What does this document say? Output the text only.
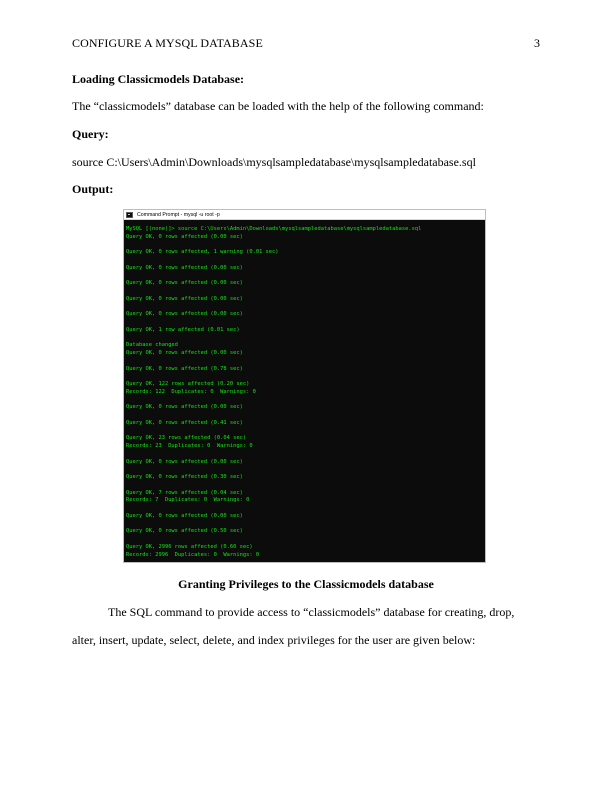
CONFIGURE A MYSQL DATABASE	3
Loading Classicmodels Database:
The “classicmodels” database can be loaded with the help of the following command:
Query:
source C:\Users\Admin\Downloads\mysqlsampledatabase\mysqlsampledatabase.sql
Output:
Command Prompt - mysql -u root -p
MySQL [(none)]> source C:\Users\Admin\Downloads\mysqlsampledatabase\mysqlsampledatabase.sql
Query OK, 0 rows affected (0.00 sec)
Query OK, 0 rows affected, 1 warning (0.01 sec)
Query OK, 0 rows affected (0.00 sec)
Query OK, 0 rows affected (0.00 sec)
Query OK, 0 rows affected (0.00 sec)
Query OK, 0 rows affected (0.00 sec)
Query OK, 1 row affected (0.01 sec)
Database changed
Query OK, 0 rows affected (0.00 sec)
Query OK, 0 rows affected (0.78 sec)
Query OK, 122 rows affected (0.20 sec)
Records: 122  Duplicates: 0  Warnings: 0
Query OK, 0 rows affected (0.00 sec)
Query OK, 0 rows affected (0.41 sec)
Query OK, 23 rows affected (0.04 sec)
Records: 23  Duplicates: 0  Warnings: 0
Query OK, 0 rows affected (0.00 sec)
Query OK, 0 rows affected (0.30 sec)
Query OK, 7 rows affected (0.04 sec)
Records: 7  Duplicates: 0  Warnings: 0
Query OK, 0 rows affected (0.00 sec)
Query OK, 0 rows affected (0.50 sec)
Query OK, 2996 rows affected (0.60 sec)
Records: 2996  Duplicates: 0  Warnings: 0
Granting Privileges to the Classicmodels database
The SQL command to provide access to “classicmodels” database for creating, drop,
alter, insert, update, select, delete, and index privileges for the user are given below:
